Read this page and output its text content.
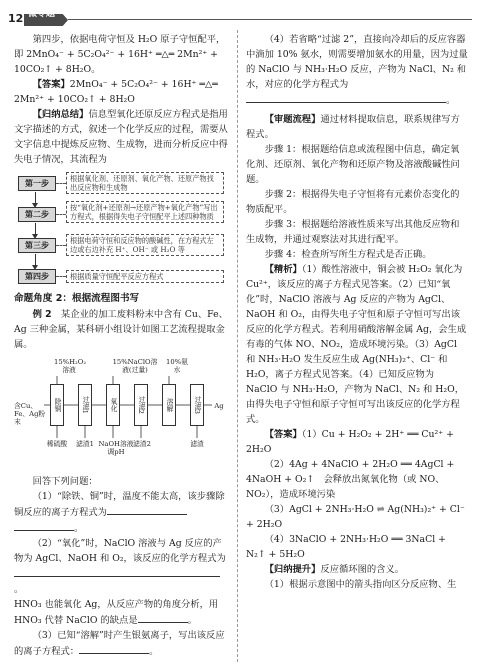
12 微专题一

第四步，依据电荷守恒及 H₂O 原子守恒配平，即 2MnO₄⁻ + 5C₂O₄²⁻ + 16H⁺ ═△═ 2Mn²⁺ + 10CO₂↑ + 8H₂O。

【答案】2MnO₄⁻ + 5C₂O₄²⁻ + 16H⁺ ═△═ 2Mn²⁺ + 10CO₂↑ + 8H₂O

【归纳总结】信息型氧化还原反应方程式是指用文字描述的方式，叙述一个化学反应的过程，需要从文字信息中提炼反应物、生成物，进而分析反应中得失电子情况，其流程为

第一步
根据氧化剂、还原剂、氧化产物、还原产物找出反应物和生成物
第二步
按“氧化剂+还原剂→还原产物+氧化产物”写出方程式，根据得失电子守恒配平上述四种物质
第三步
根据电荷守恒和反应物的酸碱性，在方程式左边或右边补充 H⁺、OH⁻ 或 H₂O 等
第四步	根据质量守恒配平反应方程式

命题角度 2：根据流程图书写

例 2　 某企业的加工废料粉末中含有 Cu、Fe、Ag 三种金属，某科研小组设计如图工艺流程提取金属。

15%H₂O₂溶液
15%NaClO溶液(过量)
10%氨水
含Cu、Fe、Ag粉末
除铜	过滤1	氧化	过滤2	溶解	过滤3	Ag
稀硫酸	滤渣1 NaOH溶液调pH
滤渣2	滤渣

回答下列问题：

（1）“除铁、铜”时，温度不能太高，该步骤除铜反应的离子方程式为
。

（2）“氧化”时，NaClO 溶液与 Ag 反应的产物为 AgCl、NaOH 和 O₂，该反应的化学方程式为
。

HNO₃ 也能氧化 Ag，从反应产物的角度分析，用 HNO₃ 代替 NaClO 的缺点是	。

（3）已知“溶解”时产生银氨离子，写出该反应的离子方程式：	。

（4）若省略“过滤 2”，直接向冷却后的反应容器中滴加 10% 氨水，则需要增加氨水的用量，因为过量的 NaClO 与 NH₃·H₂O 反应，产物为 NaCl、N₂ 和水，对应的化学方程式为。

【审题流程】通过材料提取信息，联系规律写方程式。

步骤 1：根据题给信息或流程图中信息，确定氧化剂、还原剂、氧化产物和还原产物及溶液酸碱性问题。

步骤 2：根据得失电子守恒将有元素价态变化的物质配平。

步骤 3：根据题给溶液性质来写出其他反应物和生成物，并通过观察法对其进行配平。

步骤 4：检查所写所生方程式是否正确。

【精析】（1）酸性溶液中，铜会被 H₂O₂ 氧化为 Cu²⁺，该反应的离子方程式见答案。（2）已知“氧化”时，NaClO 溶液与 Ag 反应的产物为 AgCl、NaOH 和 O₂，由得失电子守恒和原子守恒可写出该反应的化学方程式。若利用硝酸溶解金属 Ag，会生成有毒的气体 NO、NO₂，造成环境污染。（3）AgCl 和 NH₃·H₂O 发生反应生成 Ag(NH₃)₂⁺、Cl⁻ 和 H₂O，离子方程式见答案。（4）已知反应物为 NaClO 与 NH₃·H₂O，产物为 NaCl、N₂ 和 H₂O，由得失电子守恒和原子守恒可写出该反应的化学方程式。

【答案】（1）Cu + H₂O₂ + 2H⁺ ══ Cu²⁺ + 2H₂O

（2）4Ag + 4NaClO + 2H₂O ══ 4AgCl + 4NaOH + O₂↑　会释放出氮氧化物（或 NO、NO₂），造成环境污染

（3）AgCl + 2NH₃·H₂O ⇌ Ag(NH₃)₂⁺ + Cl⁻ + 2H₂O

（4）3NaClO + 2NH₃·H₂O ══ 3NaCl + N₂↑ + 5H₂O

【归纳提升】反应循环图的含义。

（1）根据示意图中的箭头指向区分反应物、生
